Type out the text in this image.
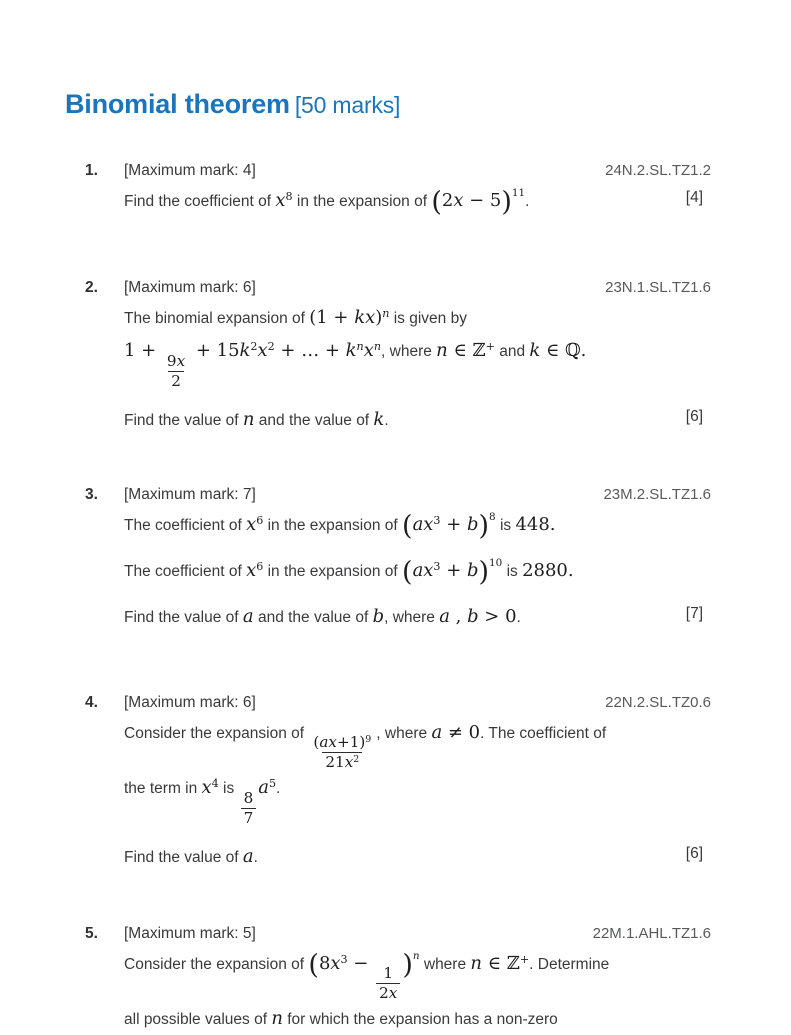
Binomial theorem [50 marks]
1.	[Maximum mark: 4]	24N.2.SL.TZ1.2
Find the coefficient of $x^8$ in the expansion of $(2x - 5)^{11}$.	[4]
2.	[Maximum mark: 6]	23N.1.SL.TZ1.6
The binomial expansion of (1 + kx)$^n$ is given by
1 +
$\frac{9x}{2}$
+ $15k^2x^2$ + … + $k^nx^n$, where n ∈ ℤ+ and k ∈ ℚ.
Find the value of n and the value of k.	[6]
3.	[Maximum mark: 7]	23M.2.SL.TZ1.6
The coefficient of $x^6$ in the expansion of $(ax^3 + b)^8$ is 448.
The coefficient of $x^6$ in the expansion of $(ax^3 + b)^{10}$ is 2880.
Find the value of a and the value of b, where a , b > 0.	[7]
4.	[Maximum mark: 6]	22N.2.SL.TZ0.6
Consider the expansion of
$\frac{(ax+1)^9}{21x^2}$
, where a ≠ 0. The coefficient of
the term in $x^4$ is
$\frac{8}{7}$
$a^5$.
Find the value of a.	[6]
5.	[Maximum mark: 5]	22M.1.AHL.TZ1.6
Consider the expansion of ($8x^3$ −
$\frac{1}{2x}$
)$^n$ where n ∈ ℤ+. Determine
all possible values of n for which the expansion has a non-zero
